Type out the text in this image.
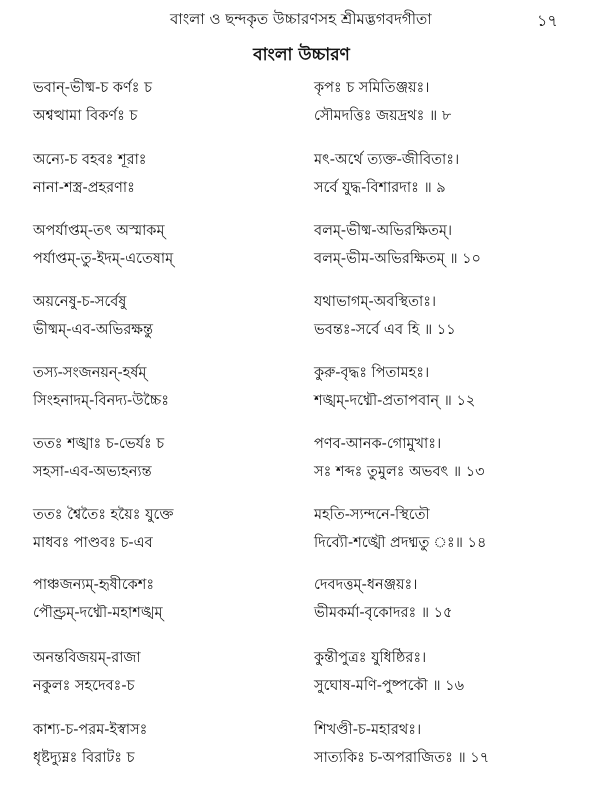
বাংলা ও ছন্দকৃত উচ্চারণসহ শ্রীমদ্ভগবদগীতা	১৭
বাংলা উচ্চারণ
ভবান্-ভীষ্ম-চ কর্ণঃ চ
অশ্বত্থামা বিকর্ণঃ চ
কৃপঃ চ সমিতিঞ্জয়ঃ।
সৌমদত্তিঃ জয়দ্রথঃ ॥ ৮
অন্যে-চ বহবঃ শূরাঃ
নানা-শস্ত্র-প্রহরণাঃ
মৎ-অর্থে ত্যক্ত-জীবিতাঃ।
সর্বে যুদ্ধ-বিশারদাঃ ॥ ৯
অপর্যাপ্তম্-তৎ অস্মাকম্
পর্যাপ্তম্-তু-ইদম্-এতেষাম্
বলম্-ভীষ্ম-অভিরক্ষিতম্।
বলম্-ভীম-অভিরক্ষিতম্ ॥ ১০
অয়নেষু-চ-সর্বেষু
ভীষ্মম্-এব-অভিরক্ষন্তু
যথাভাগম্-অবস্থিতাঃ।
ভবন্তঃ-সর্বে এব হি ॥ ১১
তস্য-সংজনয়ন্-হর্ষম্
সিংহনাদম্-বিনদ্য-উচ্চৈঃ
কুরু-বৃদ্ধঃ পিতামহঃ।
শঙ্খম্-দধ্মৌ-প্রতাপবান্ ॥ ১২
ততঃ শঙ্খাঃ চ-ভের্যঃ চ
সহসা-এব-অভ্যহন্যন্ত
পণব-আনক-গোমুখাঃ।
সঃ শব্দঃ তুমুলঃ অভবৎ ॥ ১৩
ততঃ শ্বৈতৈঃ হয়ৈঃ যুক্তে
মাধবঃ পাণ্ডবঃ চ-এব
মহতি-স্যন্দনে-স্থিতৌ
দিব্যৌ-শঙ্খৌ প্রদধ্মতু ঃ॥ ১৪
পাঞ্চজন্যম্-হৃষীকেশঃ
পৌণ্ড্রম্-দধ্মৌ-মহাশঙ্খম্
দেবদত্তম্-ধনঞ্জয়ঃ।
ভীমকর্মা-বৃকোদরঃ ॥ ১৫
অনন্তবিজয়ম্-রাজা
নকুলঃ সহদেবঃ-চ
কুন্তীপুত্রঃ যুধিষ্ঠিরঃ।
সুঘোষ-মণি-পুষ্পকৌ ॥ ১৬
কাশ্য-চ-পরম-ইস্বাসঃ
ধৃষ্টদ্যুম্নঃ বিরাটঃ চ
শিখণ্ডী-চ-মহারথঃ।
সাত্যকিঃ চ-অপরাজিতঃ ॥ ১৭
